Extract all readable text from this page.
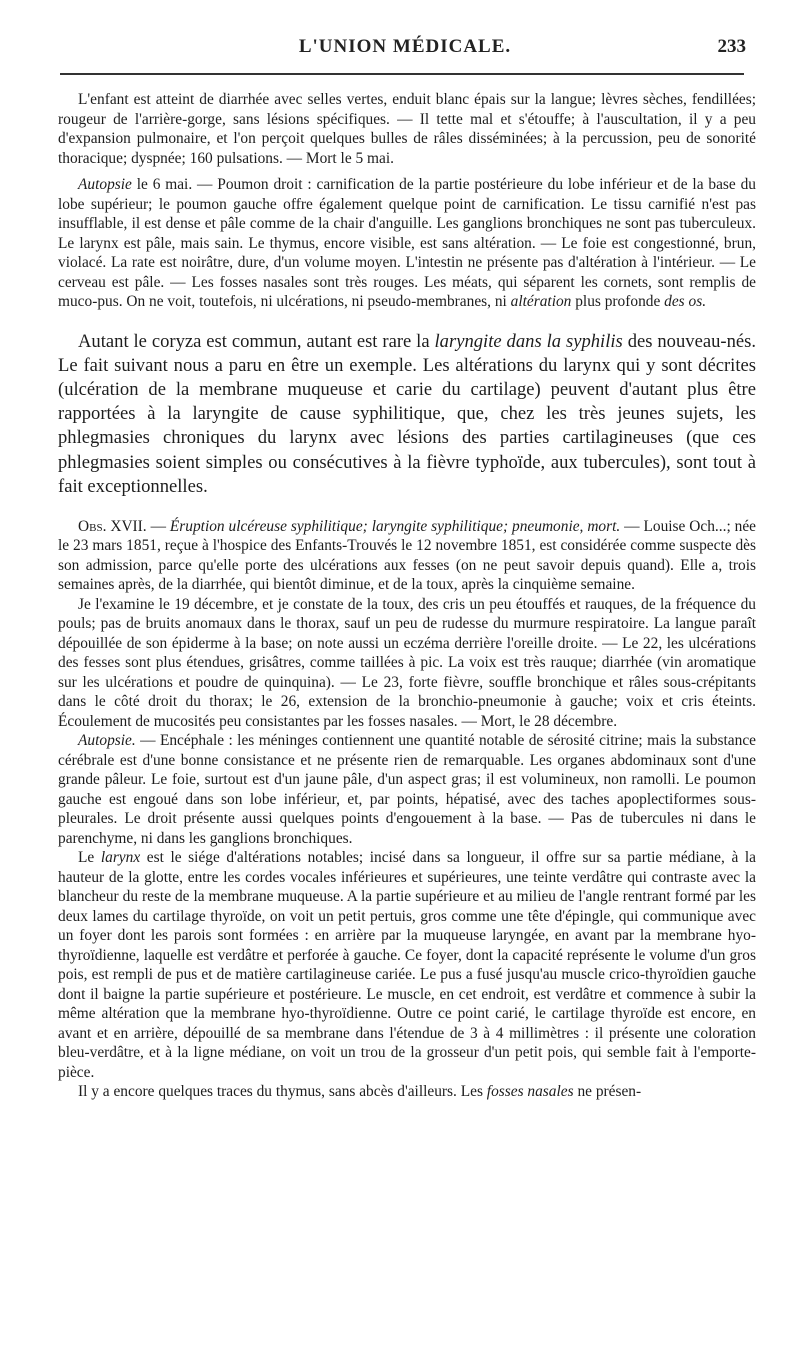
L'UNION MÉDICALE.	233

L'enfant est atteint de diarrhée avec selles vertes, enduit blanc épais sur la langue; lèvres sèches, fendillées; rougeur de l'arrière-gorge, sans lésions spécifiques. — Il tette mal et s'étouffe; à l'auscultation, il y a peu d'expansion pulmonaire, et l'on perçoit quelques bulles de râles disséminées; à la percussion, peu de sonorité thoracique; dyspnée; 160 pulsations. — Mort le 5 mai.

Autopsie le 6 mai. — Poumon droit : carnification de la partie postérieure du lobe inférieur et de la base du lobe supérieur; le poumon gauche offre également quelque point de carnification. Le tissu carnifié n'est pas insufflable, il est dense et pâle comme de la chair d'anguille. Les ganglions bronchiques ne sont pas tuberculeux. Le larynx est pâle, mais sain. Le thymus, encore visible, est sans altération. — Le foie est congestionné, brun, violacé. La rate est noirâtre, dure, d'un volume moyen. L'intestin ne présente pas d'altération à l'intérieur. — Le cerveau est pâle. — Les fosses nasales sont très rouges. Les méats, qui séparent les cornets, sont remplis de muco-pus. On ne voit, toutefois, ni ulcérations, ni pseudo-membranes, ni altération plus profonde des os.

Autant le coryza est commun, autant est rare la laryngite dans la syphilis des nouveau-nés. Le fait suivant nous a paru en être un exemple. Les altérations du larynx qui y sont décrites (ulcération de la membrane muqueuse et carie du cartilage) peuvent d'autant plus être rapportées à la laryngite de cause syphilitique, que, chez les très jeunes sujets, les phlegmasies chroniques du larynx avec lésions des parties cartilagineuses (que ces phlegmasies soient simples ou consécutives à la fièvre typhoïde, aux tubercules), sont tout à fait exceptionnelles.

Obs. XVII. — Éruption ulcéreuse syphilitique; laryngite syphilitique; pneumonie, mort. — Louise Och...; née le 23 mars 1851, reçue à l'hospice des Enfants-Trouvés le 12 novembre 1851, est considérée comme suspecte dès son admission, parce qu'elle porte des ulcérations aux fesses (on ne peut savoir depuis quand). Elle a, trois semaines après, de la diarrhée, qui bientôt diminue, et de la toux, après la cinquième semaine.

Je l'examine le 19 décembre, et je constate de la toux, des cris un peu étouffés et rauques, de la fréquence du pouls; pas de bruits anomaux dans le thorax, sauf un peu de rudesse du murmure respiratoire. La langue paraît dépouillée de son épiderme à la base; on note aussi un eczéma derrière l'oreille droite. — Le 22, les ulcérations des fesses sont plus étendues, grisâtres, comme taillées à pic. La voix est très rauque; diarrhée (vin aromatique sur les ulcérations et poudre de quinquina). — Le 23, forte fièvre, souffle bronchique et râles sous-crépitants dans le côté droit du thorax; le 26, extension de la bronchio-pneumonie à gauche; voix et cris éteints. Écoulement de mucosités peu consistantes par les fosses nasales. — Mort, le 28 décembre.

Autopsie. — Encéphale : les méninges contiennent une quantité notable de sérosité citrine; mais la substance cérébrale est d'une bonne consistance et ne présente rien de remarquable. Les organes abdominaux sont d'une grande pâleur. Le foie, surtout est d'un jaune pâle, d'un aspect gras; il est volumineux, non ramolli. Le poumon gauche est engoué dans son lobe inférieur, et, par points, hépatisé, avec des taches apoplectiformes sous-pleurales. Le droit présente aussi quelques points d'engouement à la base. — Pas de tubercules ni dans le parenchyme, ni dans les ganglions bronchiques.

Le larynx est le siége d'altérations notables; incisé dans sa longueur, il offre sur sa partie médiane, à la hauteur de la glotte, entre les cordes vocales inférieures et supérieures, une teinte verdâtre qui contraste avec la blancheur du reste de la membrane muqueuse. A la partie supérieure et au milieu de l'angle rentrant formé par les deux lames du cartilage thyroïde, on voit un petit pertuis, gros comme une tête d'épingle, qui communique avec un foyer dont les parois sont formées : en arrière par la muqueuse laryngée, en avant par la membrane hyo-thyroïdienne, laquelle est verdâtre et perforée à gauche. Ce foyer, dont la capacité représente le volume d'un gros pois, est rempli de pus et de matière cartilagineuse cariée. Le pus a fusé jusqu'au muscle crico-thyroïdien gauche dont il baigne la partie supérieure et postérieure. Le muscle, en cet endroit, est verdâtre et commence à subir la même altération que la membrane hyo-thyroïdienne. Outre ce point carié, le cartilage thyroïde est encore, en avant et en arrière, dépouillé de sa membrane dans l'étendue de 3 à 4 millimètres : il présente une coloration bleu-verdâtre, et à la ligne médiane, on voit un trou de la grosseur d'un petit pois, qui semble fait à l'emporte-pièce.

Il y a encore quelques traces du thymus, sans abcès d'ailleurs. Les fosses nasales ne présen-
